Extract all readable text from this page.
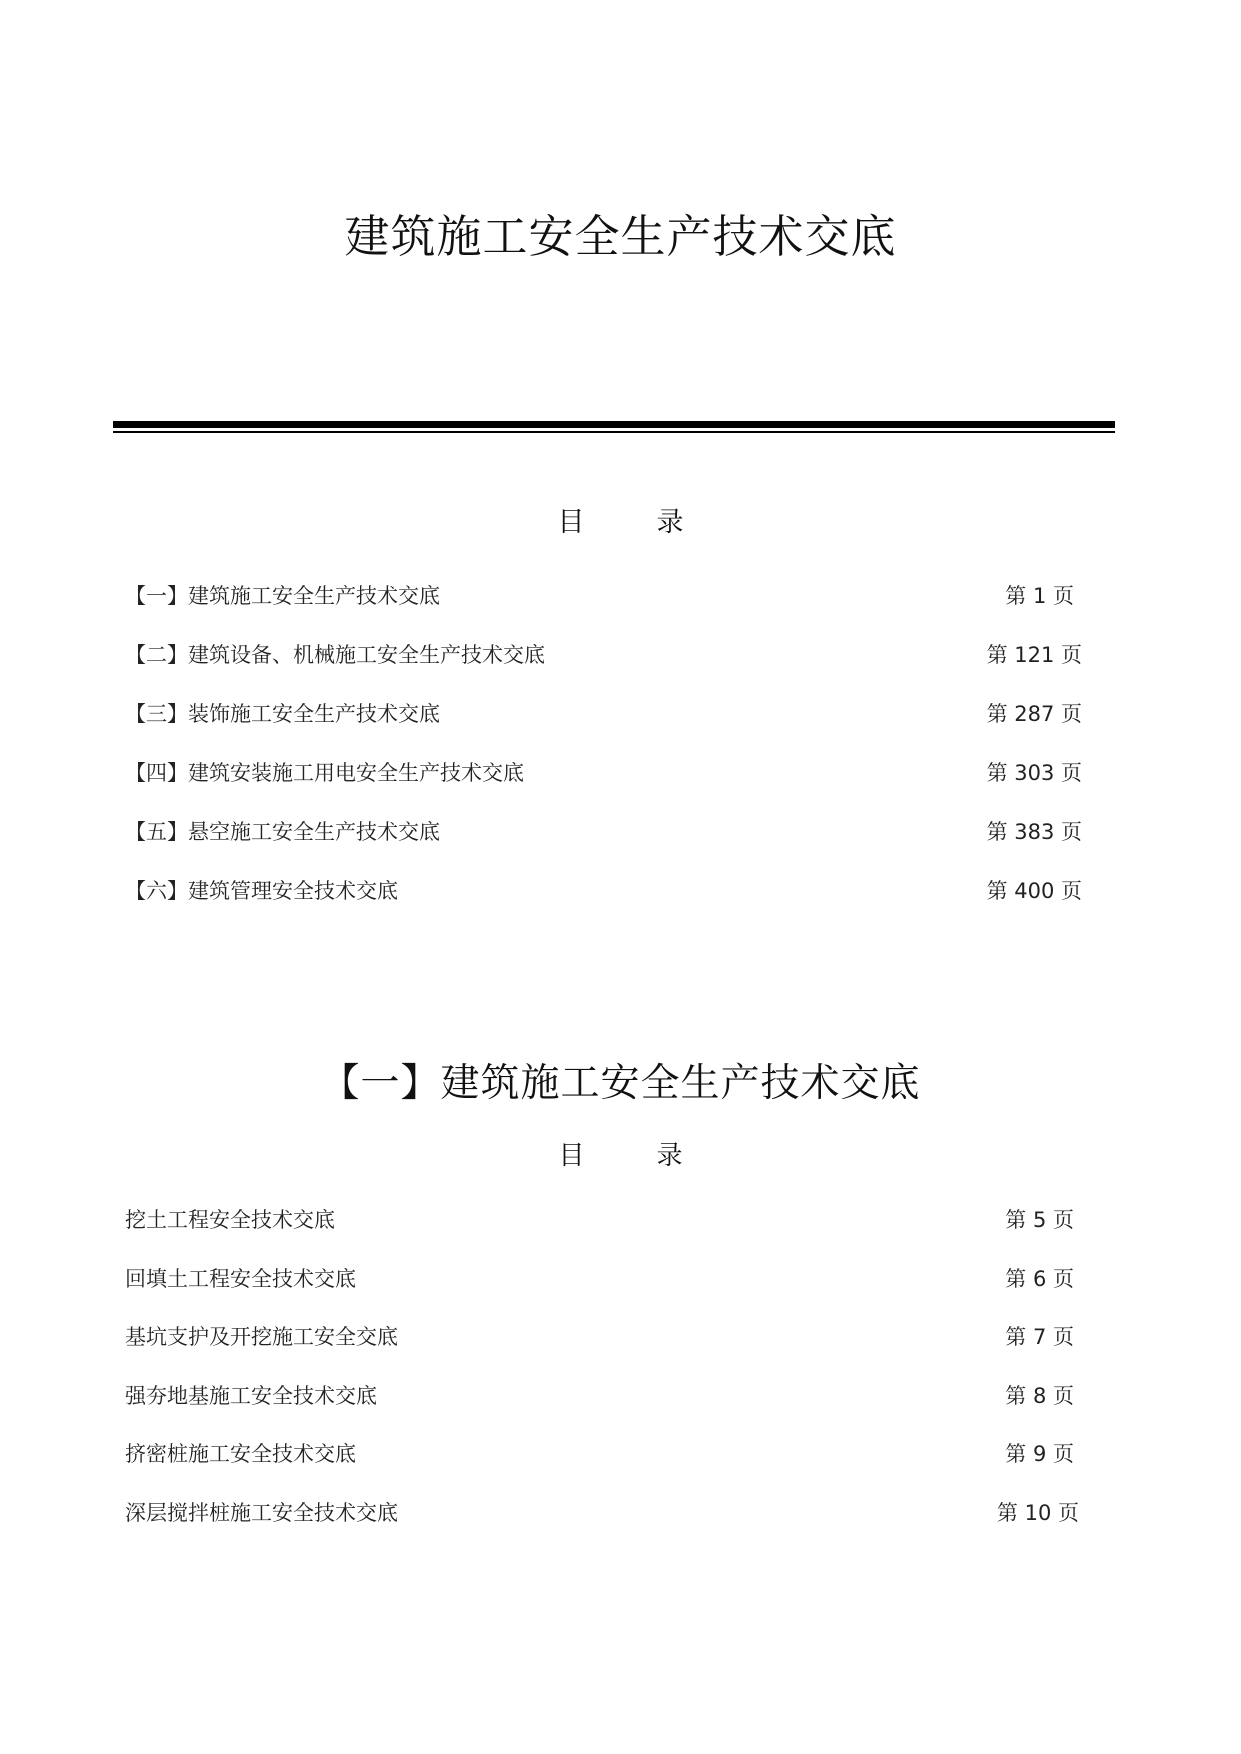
建筑施工安全生产技术交底
目	录
【一】建筑施工安全生产技术交底	第 1 页
【二】建筑设备、机械施工安全生产技术交底	第 121 页
【三】装饰施工安全生产技术交底	第 287 页
【四】建筑安装施工用电安全生产技术交底	第 303 页
【五】悬空施工安全生产技术交底	第 383 页
【六】建筑管理安全技术交底	第 400 页
【一】建筑施工安全生产技术交底
目	录
挖土工程安全技术交底	第 5 页
回填土工程安全技术交底	第 6 页
基坑支护及开挖施工安全交底	第 7 页
强夯地基施工安全技术交底	第 8 页
挤密桩施工安全技术交底	第 9 页
深层搅拌桩施工安全技术交底	第 10 页
